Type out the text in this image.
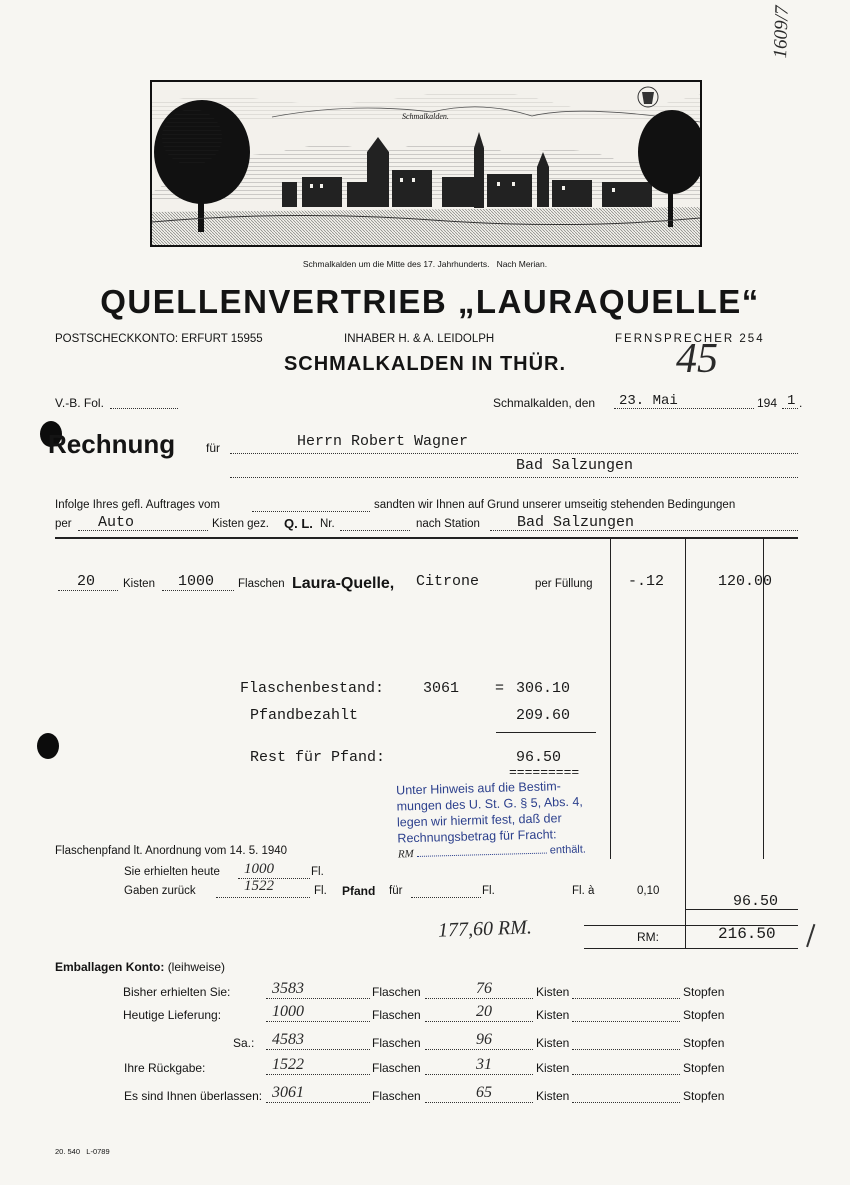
1609/7
Schmalkalden.
Schmalkalden um die Mitte des 17. Jahrhunderts.   Nach Merian.
QUELLENVERTRIEB „LAURAQUELLE“
POSTSCHECKKONTO: ERFURT 15955	INHABER H. & A. LEIDOLPH	FERNSPRECHER 254
SCHMALKALDEN IN THÜR.	45
V.-B. Fol.	Schmalkalden, den 23. Mai	194 1 .
Rechnung	für	Herrn Robert Wagner
Bad Salzungen
Infolge Ihres gefl. Auftrages vom	sandten wir Ihnen auf Grund unserer umseitig stehenden Bedingungen
per Auto	Kisten gez. Q. L. Nr.	nach Station Bad Salzungen
20 Kisten 1000 Flaschen Laura-Quelle, Citrone	per Füllung -.12	120.00
Flaschenbestand:	3061 = 306.10
Pfandbezahlt	209.60
Rest für Pfand:	96.50
=========
Unter Hinweis auf die Bestim-
mungen des U. St. G. § 5, Abs. 4,
legen wir hiermit fest, daß der
Rechnungsbetrag für Fracht:
RM	enthält.
Flaschenpfand lt. Anordnung vom 14. 5. 1940
Sie erhielten heute 1000	Fl.
Gaben zurück	1522	Fl. Pfand für	Fl.	Fl. à	0,10
96.50
177,60 RM.	RM:	216.50
Emballagen Konto: (leihweise)
Bisher erhielten Sie:	3583	Flaschen	76	Kisten	Stopfen
Heutige Lieferung:	1000	Flaschen	20	Kisten	Stopfen
Sa.: 4583	Flaschen	96	Kisten	Stopfen
Ihre Rückgabe:	1522	Flaschen	31	Kisten	Stopfen
Es sind Ihnen überlassen: 3061	Flaschen	65	Kisten	Stopfen
20. 540   L-0789
